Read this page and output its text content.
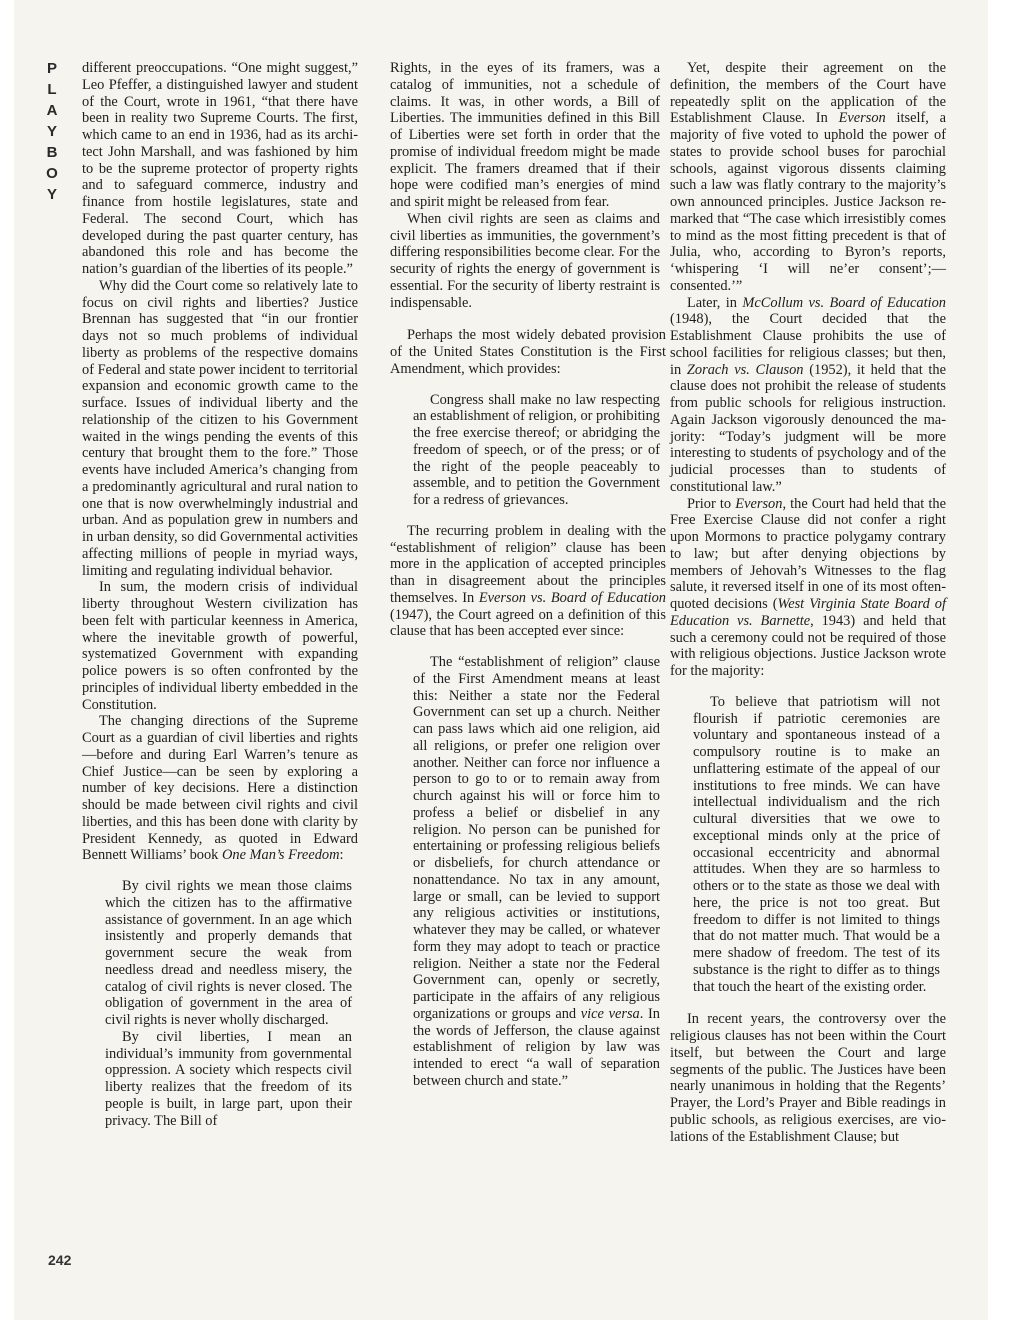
P
L
A
Y
B
O
Y

different preoccupations. “One might suggest,” Leo Pfeffer, a distinguished lawyer and student of the Court, wrote in 1961, “that there have been in reality two Supreme Courts. The first, which came to an end in 1936, had as its architect John Marshall, and was fashioned by him to be the supreme protector of property rights and to safeguard commerce, industry and finance from hostile legislatures, state and Federal. The second Court, which has developed during the past quarter century, has abandoned this role and has become the nation’s guardian of the liberties of its people.”

Why did the Court come so relatively late to focus on civil rights and liberties? Justice Brennan has suggested that “in our frontier days not so much problems of individual liberty as problems of the respective domains of Federal and state power incident to territorial expansion and economic growth came to the surface. Issues of individual liberty and the relationship of the citizen to his Government waited in the wings pending the events of this century that brought them to the fore.” Those events have included America’s changing from a predominantly agricultural and rural nation to one that is now overwhelmingly industrial and urban. And as population grew in numbers and in urban density, so did Governmental activities affecting millions of people in myriad ways, limiting and regulating individual behavior.

In sum, the modern crisis of individual liberty throughout Western civilization has been felt with particular keenness in America, where the inevitable growth of powerful, systematized Government with expanding police powers is so often confronted by the principles of individual liberty embedded in the Constitution.

The changing directions of the Supreme Court as a guardian of civil liberties and rights—before and during Earl Warren’s tenure as Chief Justice—can be seen by exploring a number of key decisions. Here a distinction should be made between civil rights and civil liberties, and this has been done with clarity by President Kennedy, as quoted in Edward Bennett Williams’ book One Man’s Freedom:

By civil rights we mean those claims which the citizen has to the affirmative assistance of government. In an age which insistently and properly demands that government secure the weak from needless dread and needless misery, the catalog of civil rights is never closed. The obligation of government in the area of civil rights is never wholly discharged.

By civil liberties, I mean an individual’s immunity from governmental oppression. A society which respects civil liberty realizes that the freedom of its people is built, in large part, upon their privacy. The Bill of

Rights, in the eyes of its framers, was a catalog of immunities, not a schedule of claims. It was, in other words, a Bill of Liberties. The immunities defined in this Bill of Liberties were set forth in order that the promise of individual freedom might be made explicit. The framers dreamed that if their hope were codified man’s energies of mind and spirit might be released from fear.

When civil rights are seen as claims and civil liberties as immunities, the government’s differing responsibilities become clear. For the security of rights the energy of government is essential. For the security of liberty restraint is indispensable.

Perhaps the most widely debated provision of the United States Constitution is the First Amendment, which provides:

Congress shall make no law respecting an establishment of religion, or prohibiting the free exercise thereof; or abridging the freedom of speech, or of the press; or of the right of the people peaceably to assemble, and to petition the Government for a redress of grievances.

The recurring problem in dealing with the “establishment of religion” clause has been more in the application of accepted principles than in disagreement about the principles themselves. In Everson vs. Board of Education (1947), the Court agreed on a definition of this clause that has been accepted ever since:

The “establishment of religion” clause of the First Amendment means at least this: Neither a state nor the Federal Government can set up a church. Neither can pass laws which aid one religion, aid all religions, or prefer one religion over another. Neither can force nor influence a person to go to or to remain away from church against his will or force him to profess a belief or disbelief in any religion. No person can be punished for entertaining or professing religious beliefs or disbeliefs, for church attendance or nonattendance. No tax in any amount, large or small, can be levied to support any religious activities or institutions, whatever they may be called, or whatever form they may adopt to teach or practice religion. Neither a state nor the Federal Government can, openly or secretly, participate in the affairs of any religious organizations or groups and vice versa. In the words of Jefferson, the clause against establishment of religion by law was intended to erect “a wall of separation between church and state.”

Yet, despite their agreement on the definition, the members of the Court have repeatedly split on the application of the Establishment Clause. In Everson itself, a majority of five voted to uphold the power of states to provide school buses for parochial schools, against vigorous dissents claiming such a law was flatly contrary to the majority’s own announced principles. Justice Jackson remarked that “The case which irresistibly comes to mind as the most fitting precedent is that of Julia, who, according to Byron’s reports, ‘whispering ‘I will ne’er consent’;—consented.’”

Later, in McCollum vs. Board of Education (1948), the Court decided that the Establishment Clause prohibits the use of school facilities for religious classes; but then, in Zorach vs. Clauson (1952), it held that the clause does not prohibit the release of students from public schools for religious instruction. Again Jackson vigorously denounced the majority: “Today’s judgment will be more interesting to students of psychology and of the judicial processes than to students of constitutional law.”

Prior to Everson, the Court had held that the Free Exercise Clause did not confer a right upon Mormons to practice polygamy contrary to law; but after denying objections by members of Jehovah’s Witnesses to the flag salute, it reversed itself in one of its most often-quoted decisions (West Virginia State Board of Education vs. Barnette, 1943) and held that such a ceremony could not be required of those with religious objections. Justice Jackson wrote for the majority:

To believe that patriotism will not flourish if patriotic ceremonies are voluntary and spontaneous instead of a compulsory routine is to make an unflattering estimate of the appeal of our institutions to free minds. We can have intellectual individualism and the rich cultural diversities that we owe to exceptional minds only at the price of occasional eccentricity and abnormal attitudes. When they are so harmless to others or to the state as those we deal with here, the price is not too great. But freedom to differ is not limited to things that do not matter much. That would be a mere shadow of freedom. The test of its substance is the right to differ as to things that touch the heart of the existing order.

In recent years, the controversy over the religious clauses has not been within the Court itself, but between the Court and large segments of the public. The Justices have been nearly unanimous in holding that the Regents’ Prayer, the Lord’s Prayer and Bible readings in public schools, as religious exercises, are violations of the Establishment Clause; but

242
